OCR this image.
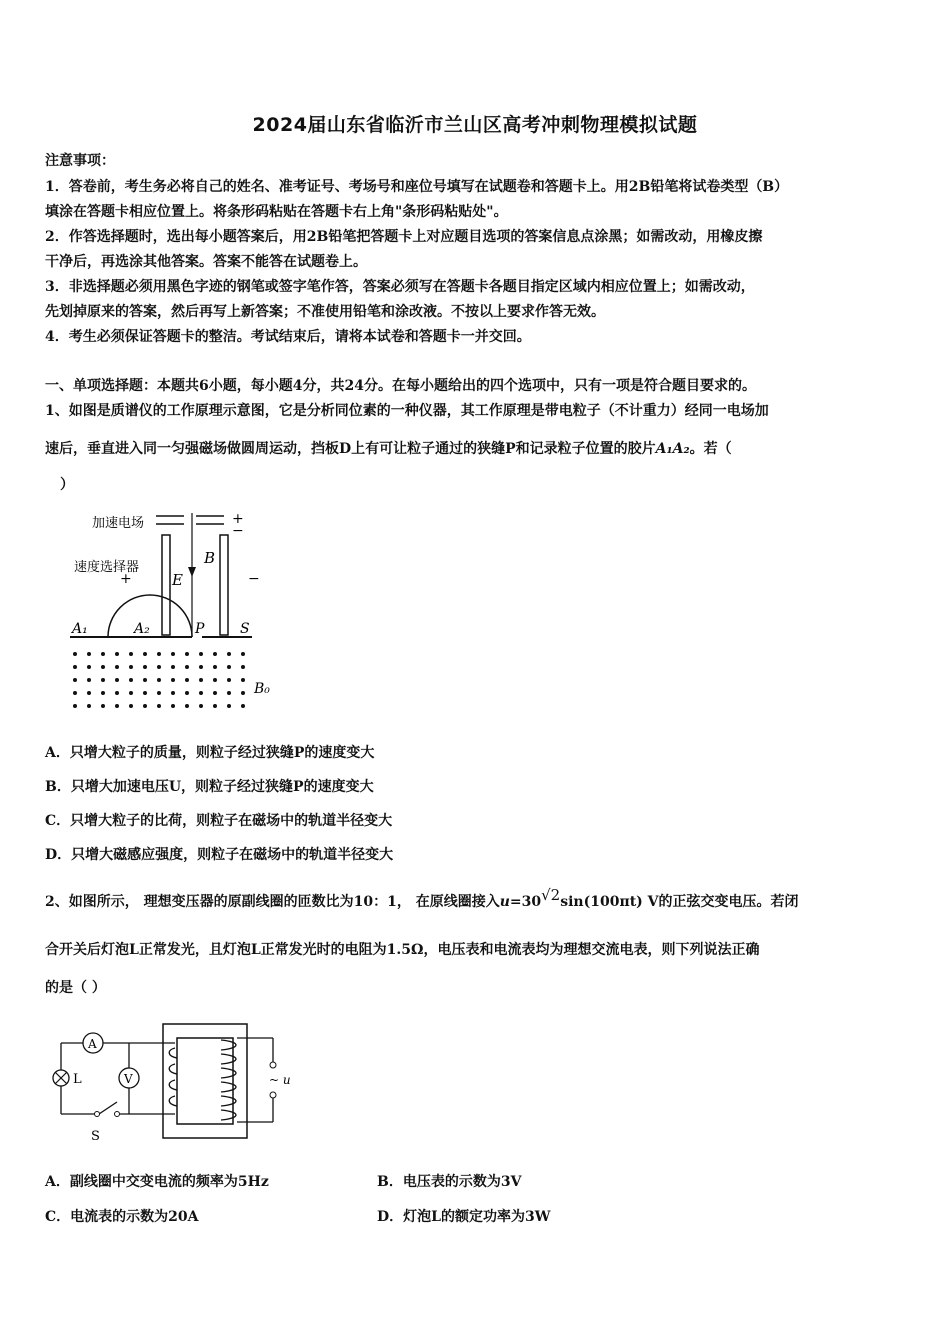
2024届山东省临沂市兰山区高考冲刺物理模拟试题
注意事项：
1．答卷前，考生务必将自己的姓名、准考证号、考场号和座位号填写在试题卷和答题卡上。用2B铅笔将试卷类型（B）
填涂在答题卡相应位置上。将条形码粘贴在答题卡右上角"条形码粘贴处"。
2．作答选择题时，选出每小题答案后，用2B铅笔把答题卡上对应题目选项的答案信息点涂黑；如需改动，用橡皮擦
干净后，再选涂其他答案。答案不能答在试题卷上。
3．非选择题必须用黑色字迹的钢笔或签字笔作答，答案必须写在答题卡各题目指定区域内相应位置上；如需改动，
先划掉原来的答案，然后再写上新答案；不准使用铅笔和涂改液。不按以上要求作答无效。
4．考生必须保证答题卡的整洁。考试结束后，请将本试卷和答题卡一并交回。
一、单项选择题：本题共6小题，每小题4分，共24分。在每小题给出的四个选项中，只有一项是符合题目要求的。
1、如图是质谱仪的工作原理示意图，它是分析同位素的一种仪器，其工作原理是带电粒子（不计重力）经同一电场加
速后，垂直进入同一匀强磁场做圆周运动，挡板D上有可让粒子通过的狭缝P和记录粒子位置的胶片A₁A₂。若（
）
加速电场	+
−
速度选择器
+	E
B
−
A₁	A₂	P	S
B₀
A．只增大粒子的质量，则粒子经过狭缝P的速度变大
B．只增大加速电压U，则粒子经过狭缝P的速度变大
C．只增大粒子的比荷，则粒子在磁场中的轨道半径变大
D．只增大磁感应强度，则粒子在磁场中的轨道半径变大
2、如图所示， 理想变压器的原副线圈的匝数比为10：1， 在原线圈接入u=30√2sin(100πt) V的正弦交变电压。若闭
合开关后灯泡L正常发光，且灯泡L正常发光时的电阻为1.5Ω，电压表和电流表均为理想交流电表，则下列说法正确
的是（ ）
A
V
L
S
~ u
A．副线圈中交变电流的频率为5Hz	B．电压表的示数为3V
C．电流表的示数为20A	D．灯泡L的额定功率为3W
